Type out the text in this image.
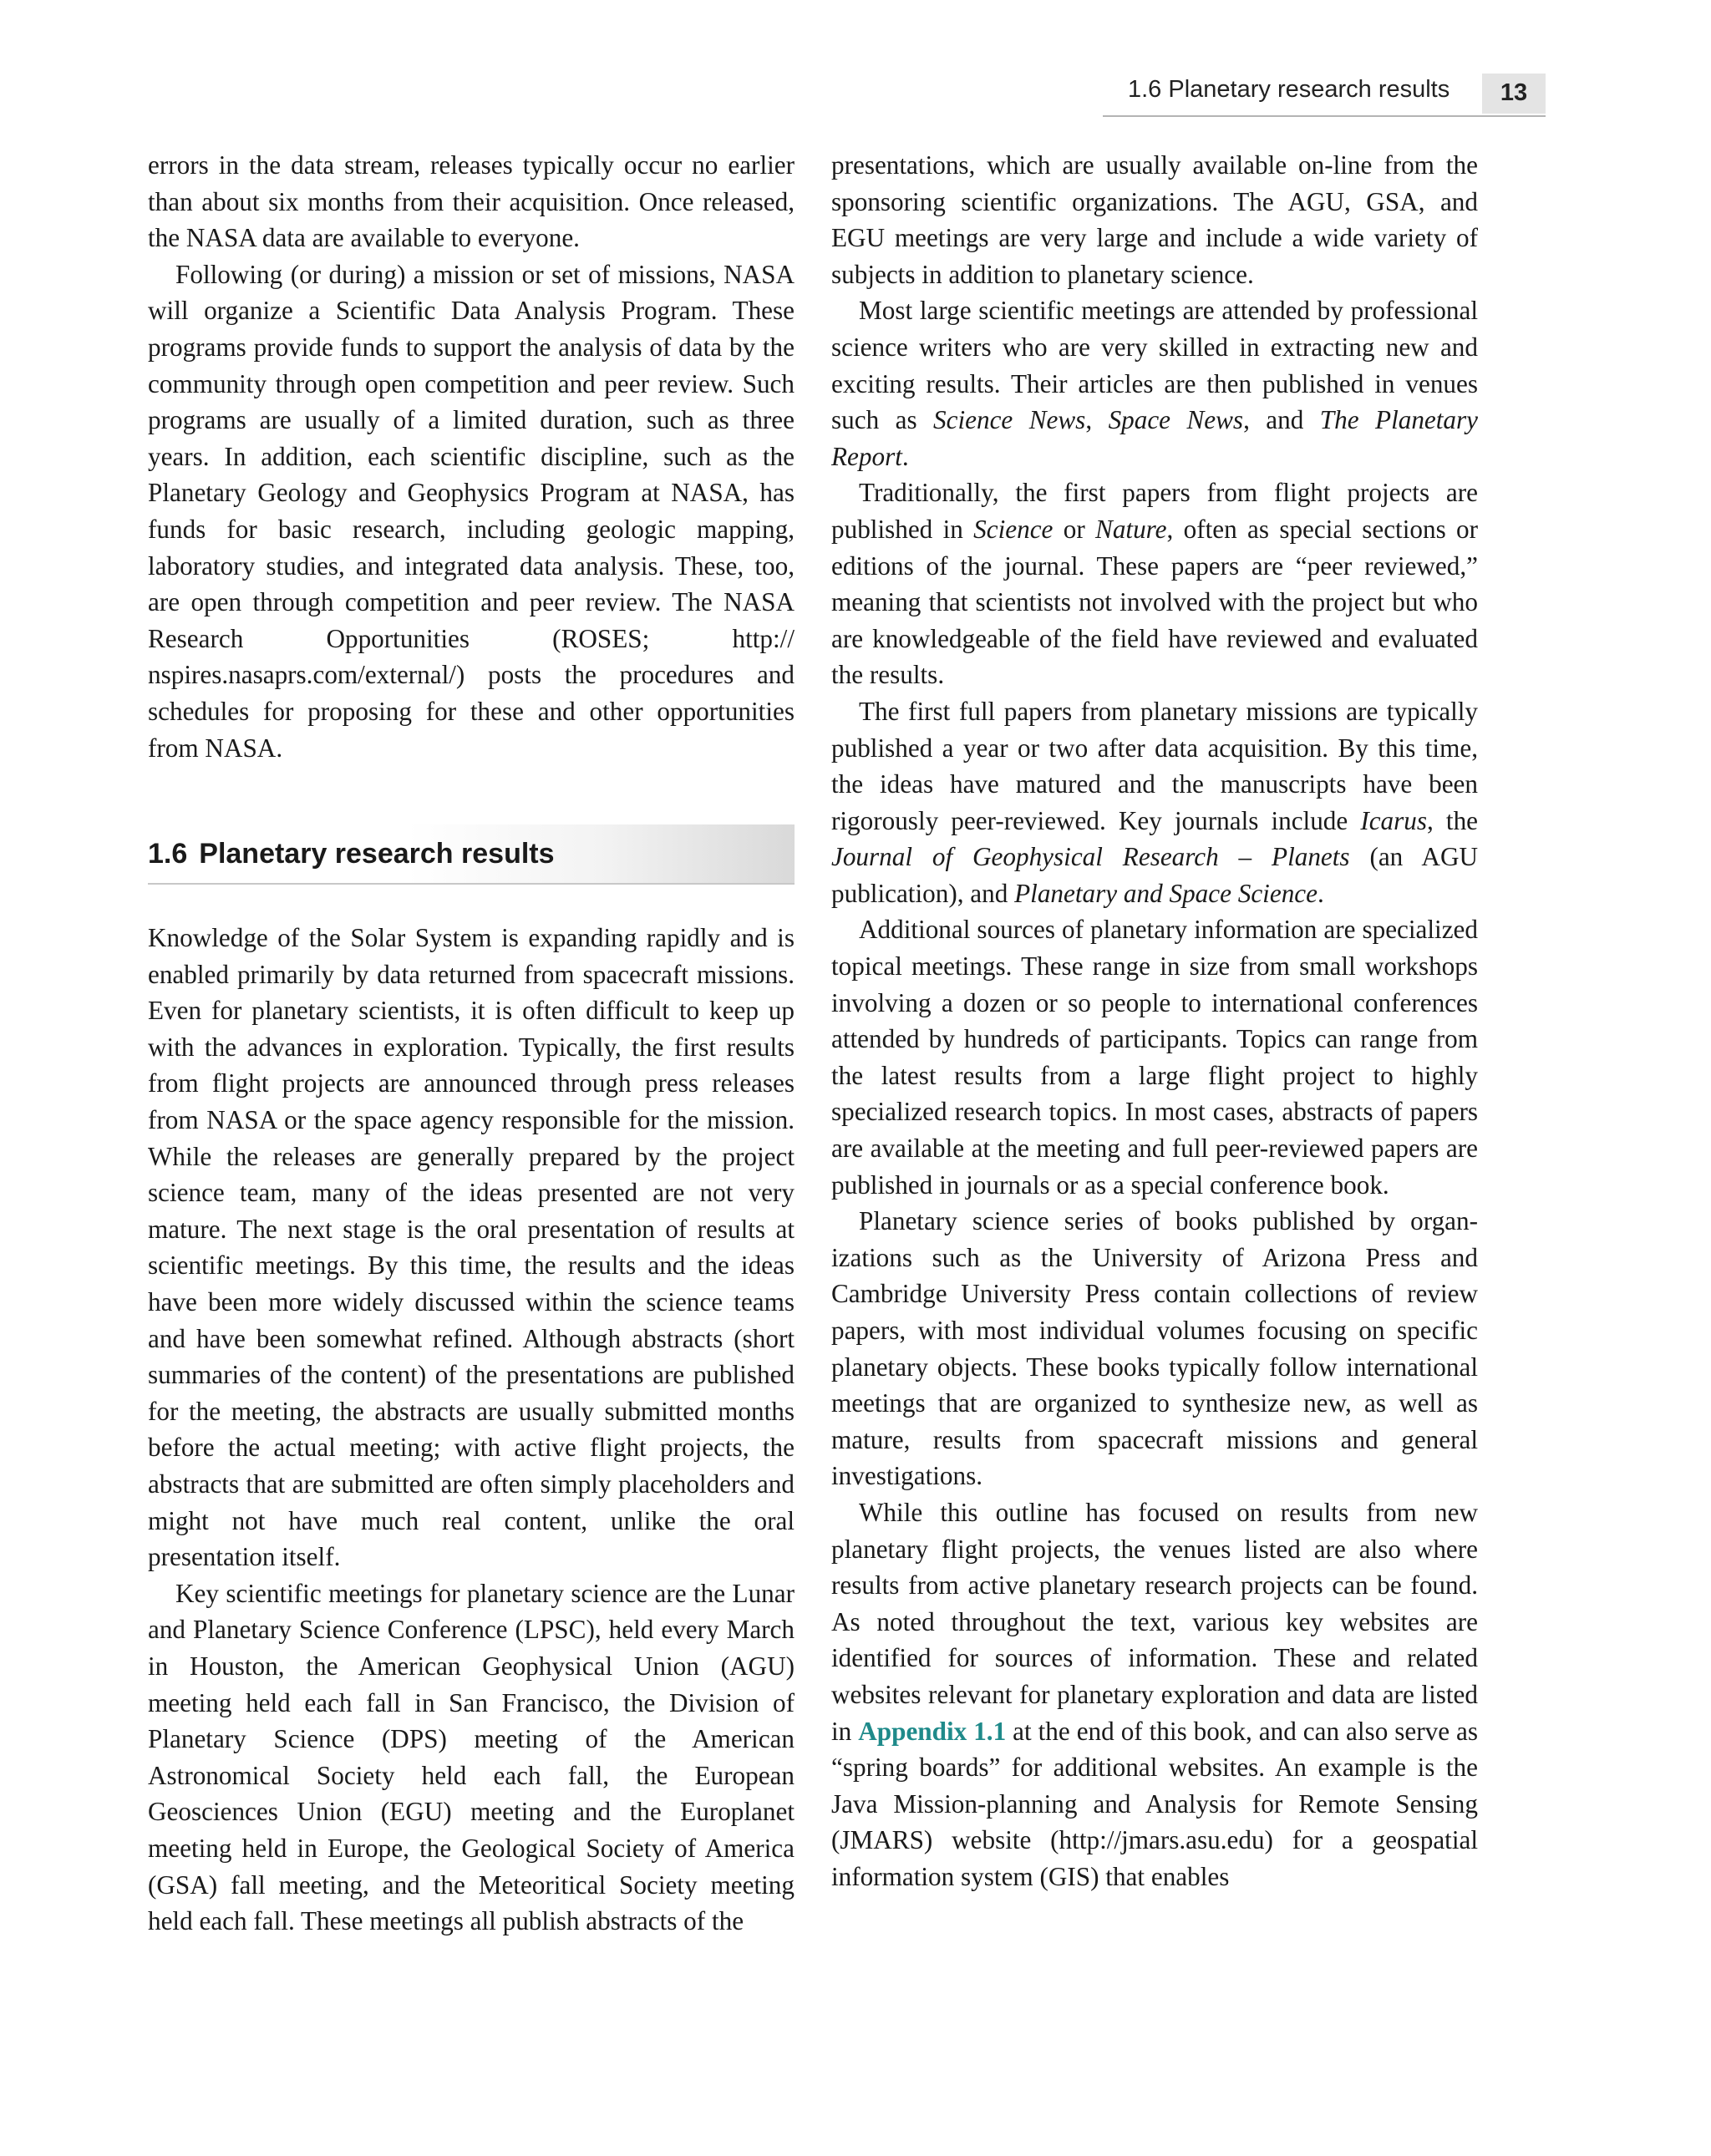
1.6 Planetary research results	13

errors in the data stream, releases typically occur no earlier than about six months from their acquisition. Once released, the NASA data are available to everyone.

Following (or during) a mission or set of missions, NASA will organize a Scientific Data Analysis Program. These programs provide funds to support the analysis of data by the community through open competition and peer review. Such programs are usually of a limited duration, such as three years. In addition, each scientific discipline, such as the Planetary Geology and Geophysics Program at NASA, has funds for basic research, including geologic mapping, laboratory studies, and integrated data analysis. These, too, are open through competition and peer review. The NASA Research Opportunities (ROSES; http:// nspires.nasaprs.com/external/) posts the procedures and schedules for proposing for these and other opportunities from NASA.

1.6 Planetary research results

Knowledge of the Solar System is expanding rapidly and is enabled primarily by data returned from spacecraft missions. Even for planetary scientists, it is often difficult to keep up with the advances in exploration. Typically, the first results from flight projects are announced through press releases from NASA or the space agency responsible for the mission. While the releases are generally prepared by the project science team, many of the ideas presented are not very mature. The next stage is the oral presentation of results at scientific meetings. By this time, the results and the ideas have been more widely discussed within the science teams and have been somewhat refined. Although abstracts (short summaries of the content) of the presentations are published for the meeting, the abstracts are usually submitted months before the actual meeting; with active flight projects, the abstracts that are submitted are often simply placeholders and might not have much real content, unlike the oral presentation itself.

Key scientific meetings for planetary science are the Lunar and Planetary Science Conference (LPSC), held every March in Houston, the American Geophysical Union (AGU) meeting held each fall in San Francisco, the Division of Planetary Science (DPS) meeting of the American Astronomical Society held each fall, the European Geosciences Union (EGU) meeting and the Europlanet meeting held in Europe, the Geological Society of America (GSA) fall meeting, and the Meteoritical Society meeting held each fall. These meetings all publish abstracts of the

presentations, which are usually available on-line from the sponsoring scientific organizations. The AGU, GSA, and EGU meetings are very large and include a wide variety of subjects in addition to planetary science.

Most large scientific meetings are attended by professional science writers who are very skilled in extracting new and exciting results. Their articles are then published in venues such as Science News, Space News, and The Planetary Report.

Traditionally, the first papers from flight projects are published in Science or Nature, often as special sections or editions of the journal. These papers are “peer reviewed,” meaning that scientists not involved with the project but who are knowledgeable of the field have reviewed and evaluated the results.

The first full papers from planetary missions are typically published a year or two after data acquisition. By this time, the ideas have matured and the manuscripts have been rigorously peer-reviewed. Key journals include Icarus, the Journal of Geophysical Research – Planets (an AGU publication), and Planetary and Space Science.

Additional sources of planetary information are specialized topical meetings. These range in size from small workshops involving a dozen or so people to international conferences attended by hundreds of participants. Topics can range from the latest results from a large flight project to highly specialized research topics. In most cases, abstracts of papers are available at the meeting and full peer-reviewed papers are published in journals or as a special conference book.

Planetary science series of books published by organizations such as the University of Arizona Press and Cambridge University Press contain collections of review papers, with most individual volumes focusing on specific planetary objects. These books typically follow international meetings that are organized to synthesize new, as well as mature, results from spacecraft missions and general investigations.

While this outline has focused on results from new planetary flight projects, the venues listed are also where results from active planetary research projects can be found. As noted throughout the text, various key websites are identified for sources of information. These and related websites relevant for planetary exploration and data are listed in Appendix 1.1 at the end of this book, and can also serve as “spring boards” for additional websites. An example is the Java Mission-planning and Analysis for Remote Sensing (JMARS) website (http://jmars.asu.edu) for a geospatial information system (GIS) that enables
